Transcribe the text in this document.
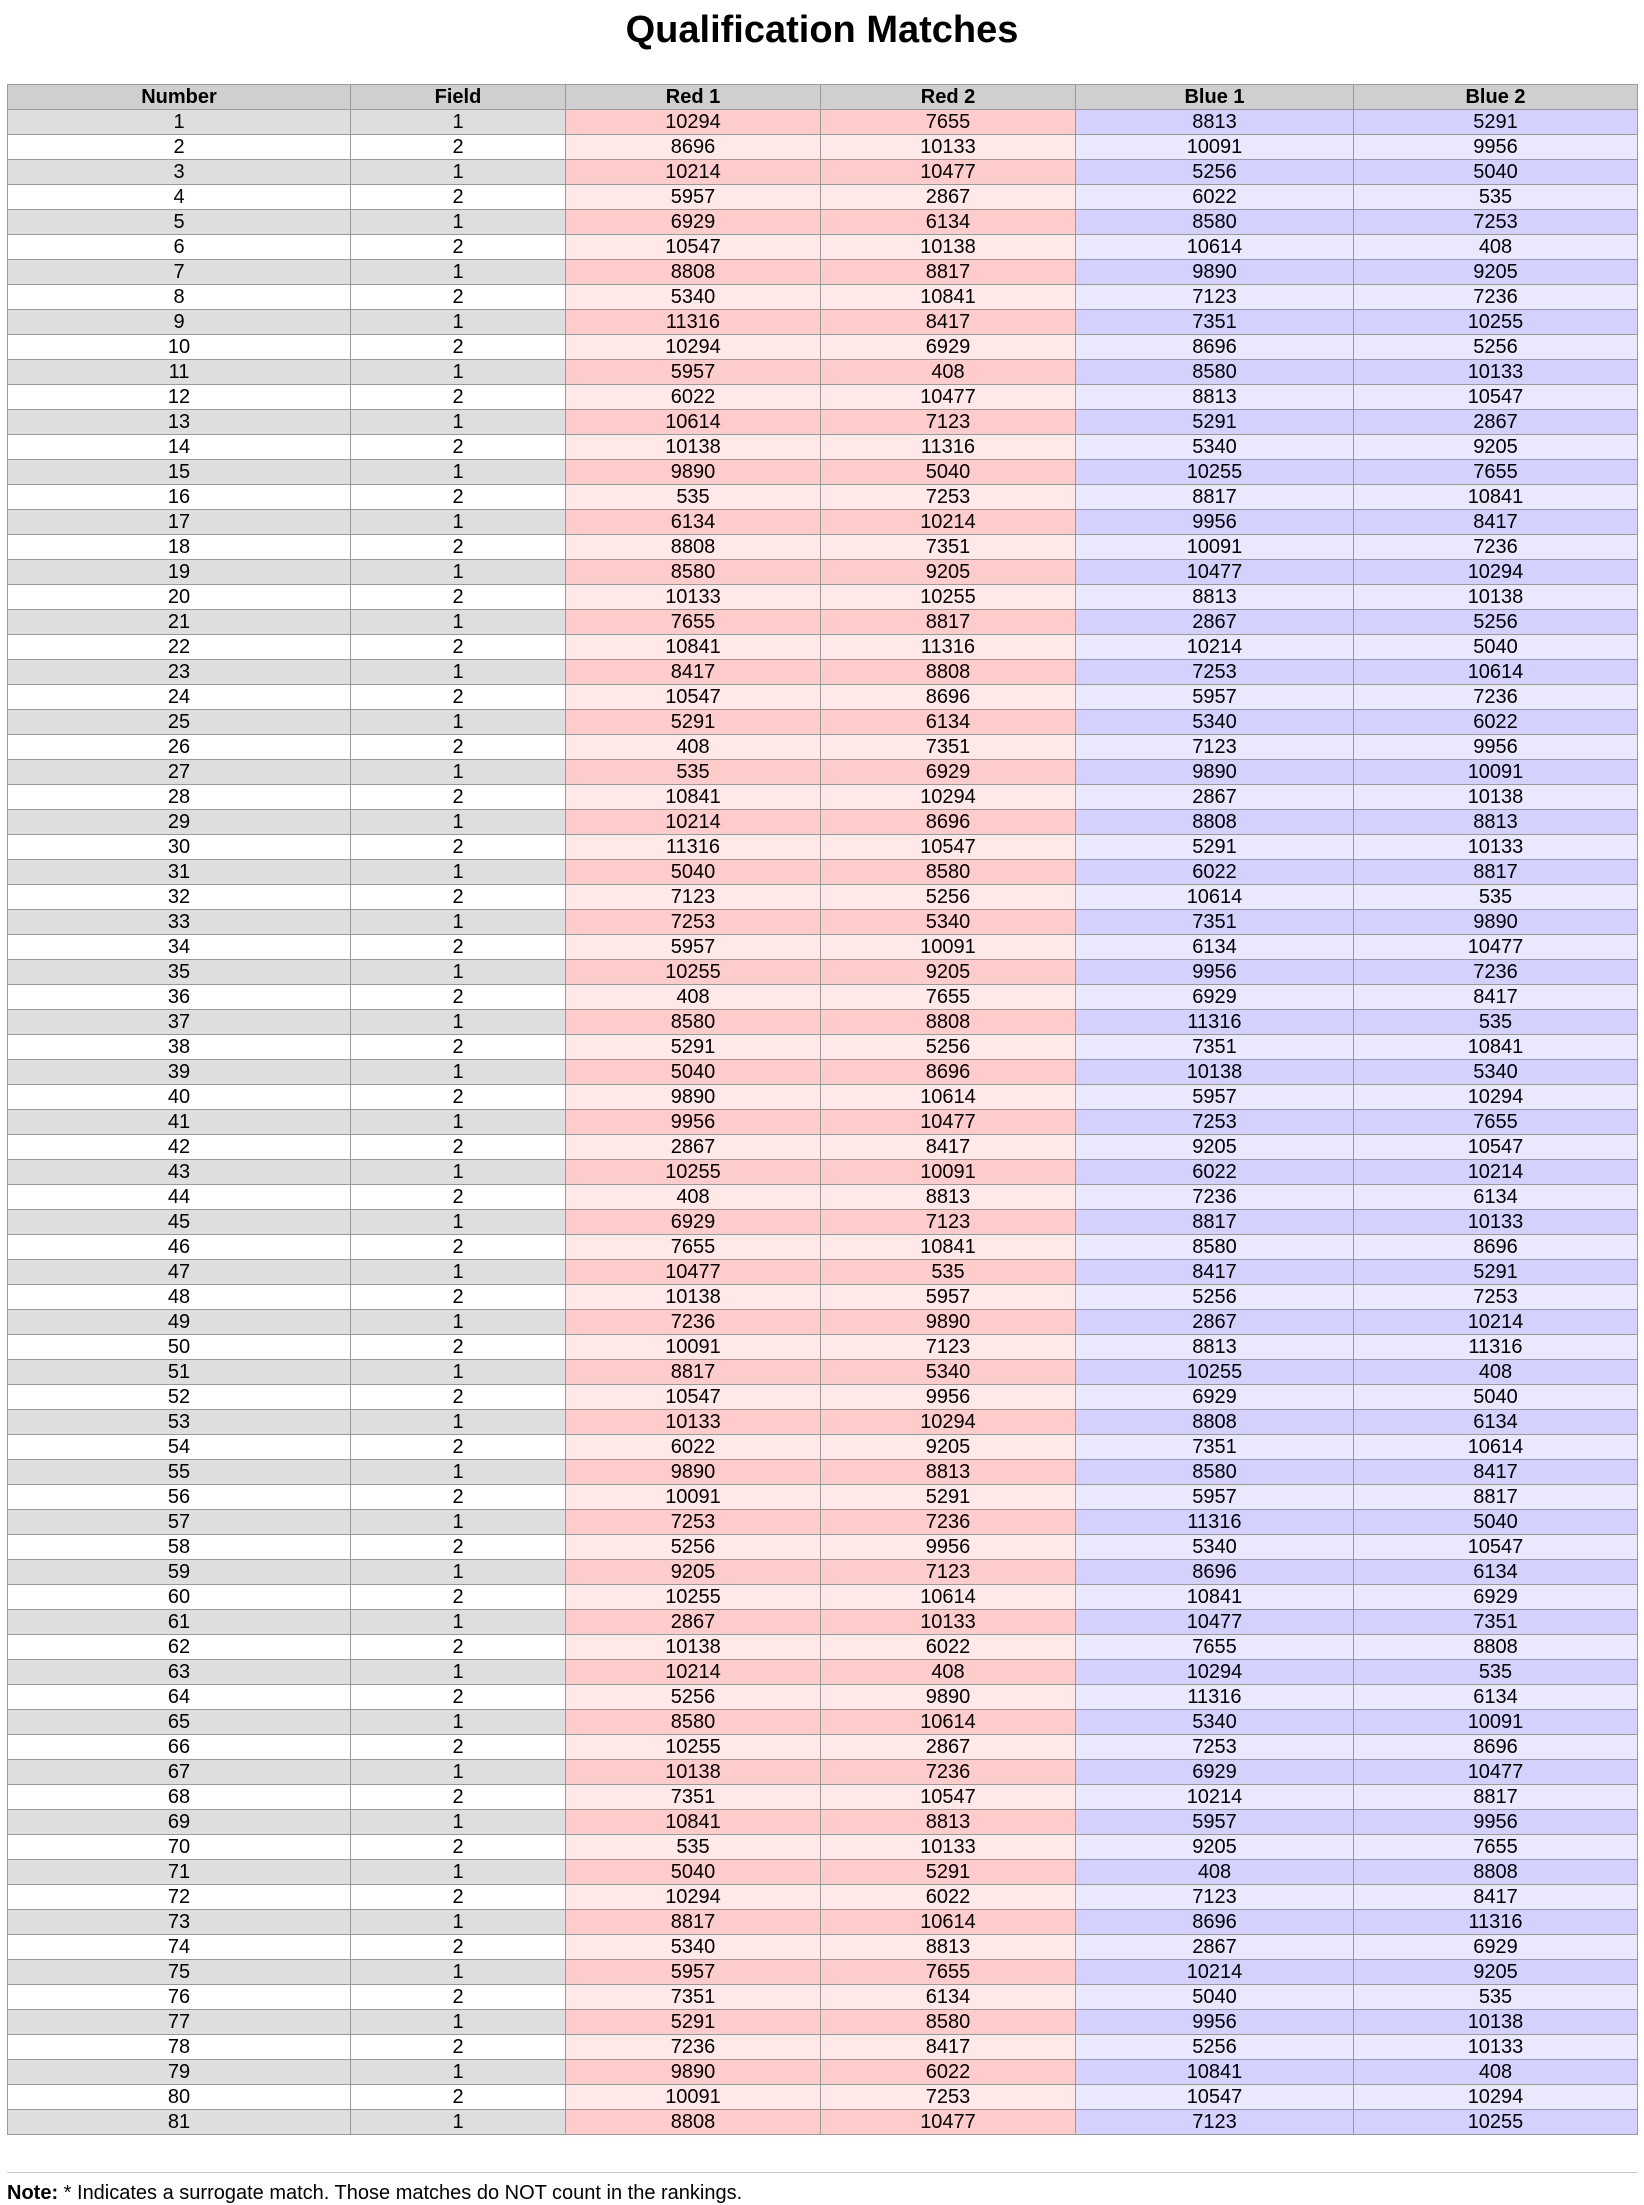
Qualification Matches
Number	Field	Red 1	Red 2	Blue 1	Blue 2
1	1	10294	7655	8813	5291
2	2	8696	10133	10091	9956
3	1	10214	10477	5256	5040
4	2	5957	2867	6022	535
5	1	6929	6134	8580	7253
6	2	10547	10138	10614	408
7	1	8808	8817	9890	9205
8	2	5340	10841	7123	7236
9	1	11316	8417	7351	10255
10	2	10294	6929	8696	5256
11	1	5957	408	8580	10133
12	2	6022	10477	8813	10547
13	1	10614	7123	5291	2867
14	2	10138	11316	5340	9205
15	1	9890	5040	10255	7655
16	2	535	7253	8817	10841
17	1	6134	10214	9956	8417
18	2	8808	7351	10091	7236
19	1	8580	9205	10477	10294
20	2	10133	10255	8813	10138
21	1	7655	8817	2867	5256
22	2	10841	11316	10214	5040
23	1	8417	8808	7253	10614
24	2	10547	8696	5957	7236
25	1	5291	6134	5340	6022
26	2	408	7351	7123	9956
27	1	535	6929	9890	10091
28	2	10841	10294	2867	10138
29	1	10214	8696	8808	8813
30	2	11316	10547	5291	10133
31	1	5040	8580	6022	8817
32	2	7123	5256	10614	535
33	1	7253	5340	7351	9890
34	2	5957	10091	6134	10477
35	1	10255	9205	9956	7236
36	2	408	7655	6929	8417
37	1	8580	8808	11316	535
38	2	5291	5256	7351	10841
39	1	5040	8696	10138	5340
40	2	9890	10614	5957	10294
41	1	9956	10477	7253	7655
42	2	2867	8417	9205	10547
43	1	10255	10091	6022	10214
44	2	408	8813	7236	6134
45	1	6929	7123	8817	10133
46	2	7655	10841	8580	8696
47	1	10477	535	8417	5291
48	2	10138	5957	5256	7253
49	1	7236	9890	2867	10214
50	2	10091	7123	8813	11316
51	1	8817	5340	10255	408
52	2	10547	9956	6929	5040
53	1	10133	10294	8808	6134
54	2	6022	9205	7351	10614
55	1	9890	8813	8580	8417
56	2	10091	5291	5957	8817
57	1	7253	7236	11316	5040
58	2	5256	9956	5340	10547
59	1	9205	7123	8696	6134
60	2	10255	10614	10841	6929
61	1	2867	10133	10477	7351
62	2	10138	6022	7655	8808
63	1	10214	408	10294	535
64	2	5256	9890	11316	6134
65	1	8580	10614	5340	10091
66	2	10255	2867	7253	8696
67	1	10138	7236	6929	10477
68	2	7351	10547	10214	8817
69	1	10841	8813	5957	9956
70	2	535	10133	9205	7655
71	1	5040	5291	408	8808
72	2	10294	6022	7123	8417
73	1	8817	10614	8696	11316
74	2	5340	8813	2867	6929
75	1	5957	7655	10214	9205
76	2	7351	6134	5040	535
77	1	5291	8580	9956	10138
78	2	7236	8417	5256	10133
79	1	9890	6022	10841	408
80	2	10091	7253	10547	10294
81	1	8808	10477	7123	10255
Note: * Indicates a surrogate match. Those matches do NOT count in the rankings.
